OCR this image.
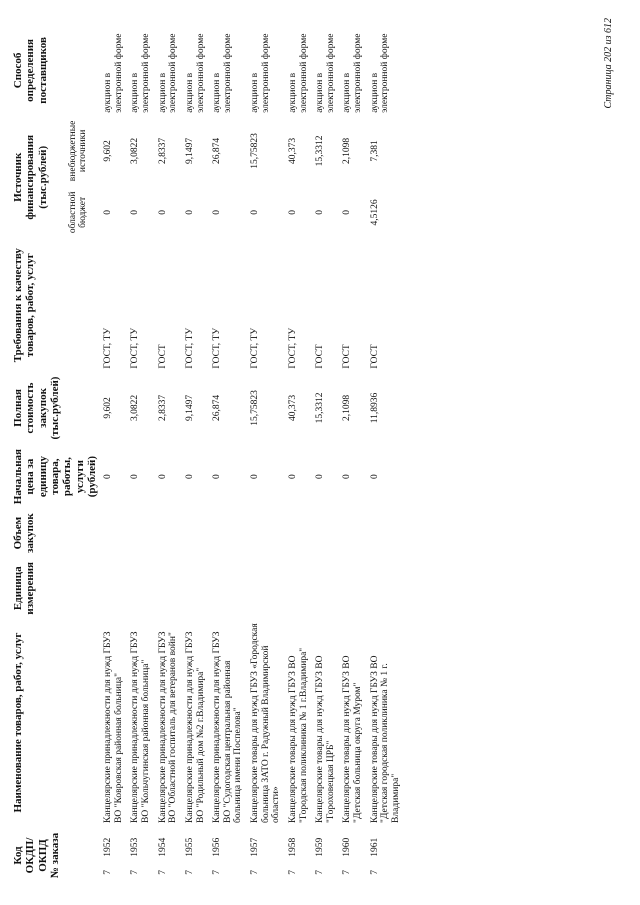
Код ОКДП/ ОКПД № заказа		Наименование товаров, работ, услуг	Единица измерения	Объем закупок	Начальная цена за единицу товара, работы, услуги (рублей)	Полная стоимость закупок (тыс.рублей)	Требования к качеству товаров, работ, услуг	Источник финансирования (тыс.рублей)		Способ определения поставщиков
								областной бюджет	внебюджетные источники	
7	1952	Канцелярские принадлежности для нужд ГБУЗ ВО "Ковровская районная больница"			0	9,602	ГОСТ, ТУ	0	9,602	аукцион в электронной форме
7	1953	Канцелярские принадлежности для нужд ГБУЗ ВО "Кольчугинская районная больница"			0	3,0822	ГОСТ, ТУ	0	3,0822	аукцион в электронной форме
7	1954	Канцелярские принадлежности для нужд ГБУЗ ВО "Областной госпиталь для ветеранов войн"			0	2,8337	ГОСТ	0	2,8337	аукцион в электронной форме
7	1955	Канцелярские принадлежности для нужд ГБУЗ ВО "Родильный дом №2 г.Владимира"			0	9,1497	ГОСТ, ТУ	0	9,1497	аукцион в электронной форме
7	1956	Канцелярские принадлежности для нужд ГБУЗ ВО "Судогодская центральная районная больница имени Поспелова"			0	26,874	ГОСТ, ТУ	0	26,874	аукцион в электронной форме
7	1957	Канцелярские товары для нужд ГБУЗ «Городская больница ЗАТО г. Радужный Владимирской области»			0	15,75823	ГОСТ, ТУ	0	15,75823	аукцион в электронной форме
7	1958	Канцелярские товары для нужд ГБУЗ ВО "Городская поликлиника № 1 г.Владимира"			0	40,373	ГОСТ, ТУ	0	40,373	аукцион в электронной форме
7	1959	Канцелярские товары для нужд ГБУЗ ВО "Гороховецкая ЦРБ"			0	15,3312	ГОСТ	0	15,3312	аукцион в электронной форме
7	1960	Канцелярские товары для нужд ГБУЗ ВО "Детская больница округа Муром"			0	2,1098	ГОСТ	0	2,1098	аукцион в электронной форме
7	1961	Канцелярские товары для нужд ГБУЗ ВО "Детская городская поликлиника № 1 г. Владимира"			0	11,8936	ГОСТ	4,5126	7,381	аукцион в электронной форме	Страница 202 из 612
